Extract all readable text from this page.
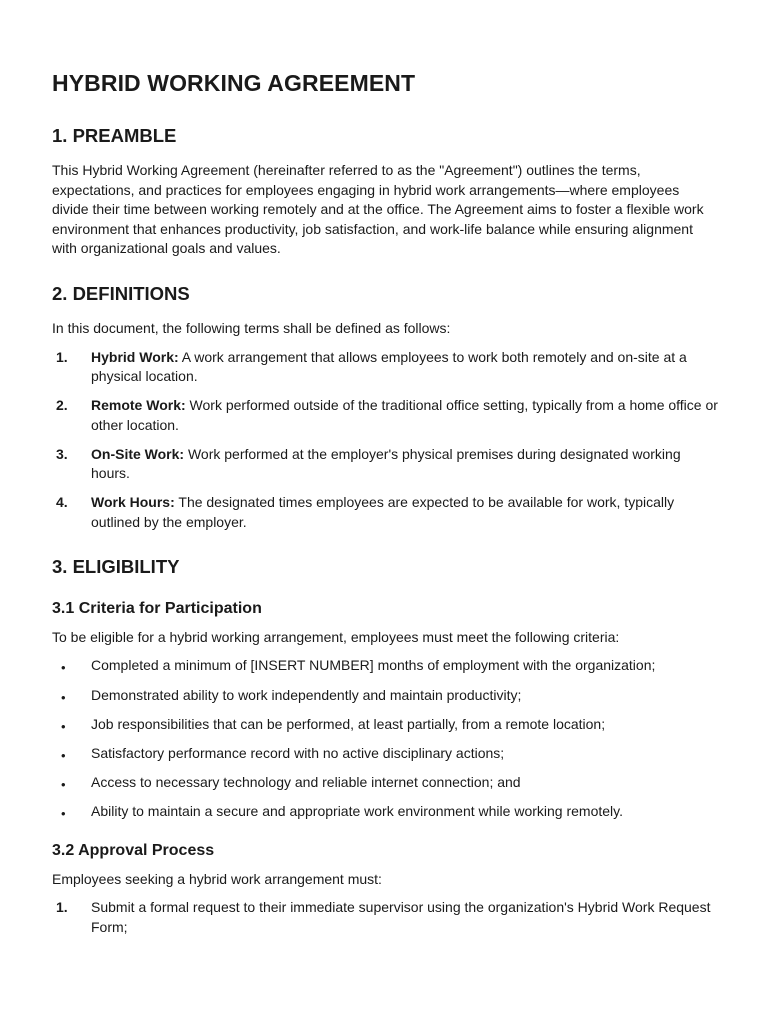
HYBRID WORKING AGREEMENT
1. PREAMBLE

This Hybrid Working Agreement (hereinafter referred to as the "Agreement") outlines the terms, expectations, and practices for employees engaging in hybrid work arrangements—where employees divide their time between working remotely and at the office. The Agreement aims to foster a flexible work environment that enhances productivity, job satisfaction, and work-life balance while ensuring alignment with organizational goals and values.

2. DEFINITIONS

In this document, the following terms shall be defined as follows:

1. Hybrid Work: A work arrangement that allows employees to work both remotely and on-site at a physical location.
2. Remote Work: Work performed outside of the traditional office setting, typically from a home office or other location.
3. On-Site Work: Work performed at the employer's physical premises during designated working hours.
4. Work Hours: The designated times employees are expected to be available for work, typically outlined by the employer.
3. ELIGIBILITY
3.1 Criteria for Participation

To be eligible for a hybrid working arrangement, employees must meet the following criteria:

• Completed a minimum of [INSERT NUMBER] months of employment with the organization;
• Demonstrated ability to work independently and maintain productivity;
• Job responsibilities that can be performed, at least partially, from a remote location;
• Satisfactory performance record with no active disciplinary actions;
• Access to necessary technology and reliable internet connection; and
• Ability to maintain a secure and appropriate work environment while working remotely.
3.2 Approval Process

Employees seeking a hybrid work arrangement must:

1. Submit a formal request to their immediate supervisor using the organization's Hybrid Work Request Form;
